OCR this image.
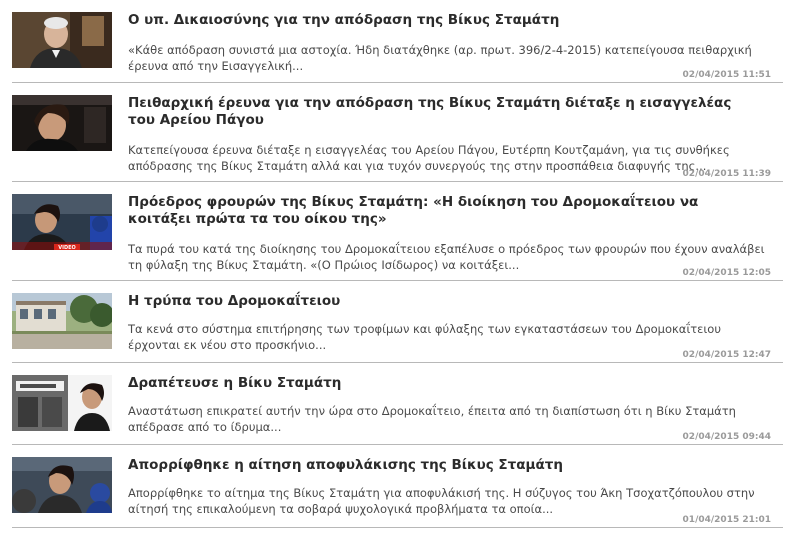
Ο υπ. Δικαιοσύνης για την απόδραση της Βίκυς Σταμάτη

«Κάθε απόδραση συνιστά μια αστοχία. Ήδη διατάχθηκε (αρ. πρωτ. 396/2-4-2015) κατεπείγουσα πειθαρχική έρευνα από την Εισαγγελική...

02/04/2015 11:51
Πειθαρχική έρευνα για την απόδραση της Βίκυς Σταμάτη διέταξε η εισαγγελέας του Αρείου Πάγου

Κατεπείγουσα έρευνα διέταξε η εισαγγελέας του Αρείου Πάγου, Ευτέρπη Κουτζαμάνη, για τις συνθήκες απόδρασης της Βίκυς Σταμάτη αλλά και για τυχόν συνεργούς της στην προσπάθεια διαφυγής της...

02/04/2015 11:39
VIDEO
Πρόεδρος φρουρών της Βίκυς Σταμάτη: «Η διοίκηση του Δρομοκαΐτειου να κοιτάξει πρώτα τα του οίκου της»

Τα πυρά του κατά της διοίκησης του Δρομοκαΐτειου εξαπέλυσε ο πρόεδρος των φρουρών που έχουν αναλάβει τη φύλαξη της Βίκυς Σταμάτη. «(Ο Πρώιος Ισίδωρος) να κοιτάξει...

02/04/2015 12:05
Η τρύπα του Δρομοκαΐτειου

Τα κενά στο σύστημα επιτήρησης των τροφίμων και φύλαξης των εγκαταστάσεων του Δρομοκαΐτειου έρχονται εκ νέου στο προσκήνιο...

02/04/2015 12:47
Δραπέτευσε η Βίκυ Σταμάτη

Αναστάτωση επικρατεί αυτήν την ώρα στο Δρομοκαΐτειο, έπειτα από τη διαπίστωση ότι η Βίκυ Σταμάτη απέδρασε από το ίδρυμα...

02/04/2015 09:44
Απορρίφθηκε η αίτηση αποφυλάκισης της Βίκυς Σταμάτη

Απορρίφθηκε το αίτημα της Βίκυς Σταμάτη για αποφυλάκισή της. Η σύζυγος του Άκη Τσοχατζόπουλου στην αίτησή της επικαλούμενη τα σοβαρά ψυχολογικά προβλήματα τα οποία...

01/04/2015 21:01
